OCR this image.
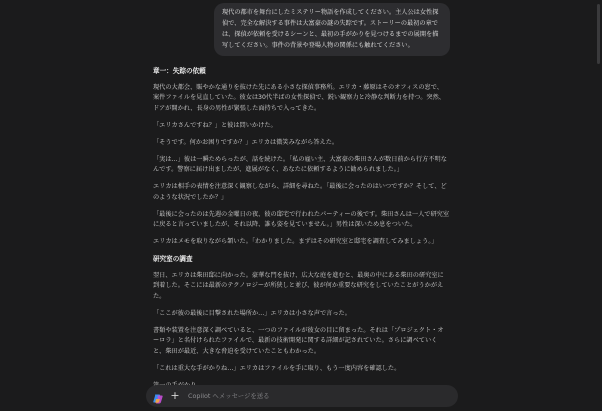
現代の都市を舞台にしたミステリー物語を作成してください。主人公は女性探偵で、完全な解決する事件は大富豪の謎の失踪です。ストーリーの最初の章では、探偵が依頼を受けるシーンと、最初の手がかりを見つけるまでの展開を描写してください。事件の背景や登場人物の関係にも触れてください。
章一：失踪の依頼

現代の大都会、賑やかな通りを抜けた先にある小さな探偵事務所。エリカ・藤原はそのオフィスの窓で、案件ファイルを見直していた。彼女は30代半ばの女性探偵で、鋭い観察力と冷静な判断力を持つ。突然、ドアが開かれ、長身の男性が緊張した面持ちで入ってきた。

「エリカさんですね？」と彼は問いかけた。

「そうです。何かお困りですか？」エリカは微笑みながら答えた。

「実は…」彼は一瞬ためらったが、話を続けた。「私の雇い主、大富豪の柴田さんが数日前から行方不明なんです。警察に届け出ましたが、進展がなく、あなたに依頼するように勧められました。」

エリカは相手の表情を注意深く観察しながら、詳細を尋ねた。「最後に会ったのはいつですか？そして、どのような状況でしたか？」

「最後に会ったのは先週の金曜日の夜、彼の邸宅で行われたパーティーの後です。柴田さんは一人で研究室に戻ると言っていましたが、それ以降、誰も姿を見ていません。」男性は深いため息をついた。

エリカはメモを取りながら頷いた。「わかりました。まずはその研究室と邸宅を調査してみましょう。」

研究室の調査

翌日、エリカは柴田邸に向かった。豪華な門を抜け、広大な庭を進むと、最奥の中にある柴田の研究室に到着した。そこには最新のテクノロジーが所狭しと並び、彼が何か重要な研究をしていたことがうかがえた。

「ここが彼の最後に目撃された場所か…」エリカは小さな声で言った。

書類や装置を注意深く調べていると、一つのファイルが彼女の目に留まった。それは「プロジェクト・オーロラ」と名付けられたファイルで、最新の技術開発に関する詳細が記されていた。さらに調べていくと、柴田が最近、大きな脅迫を受けていたこともわかった。

「これは重大な手がかりね…」エリカはファイルを手に取り、もう一度内容を確認した。

+
Copilot へメッセージを送る
